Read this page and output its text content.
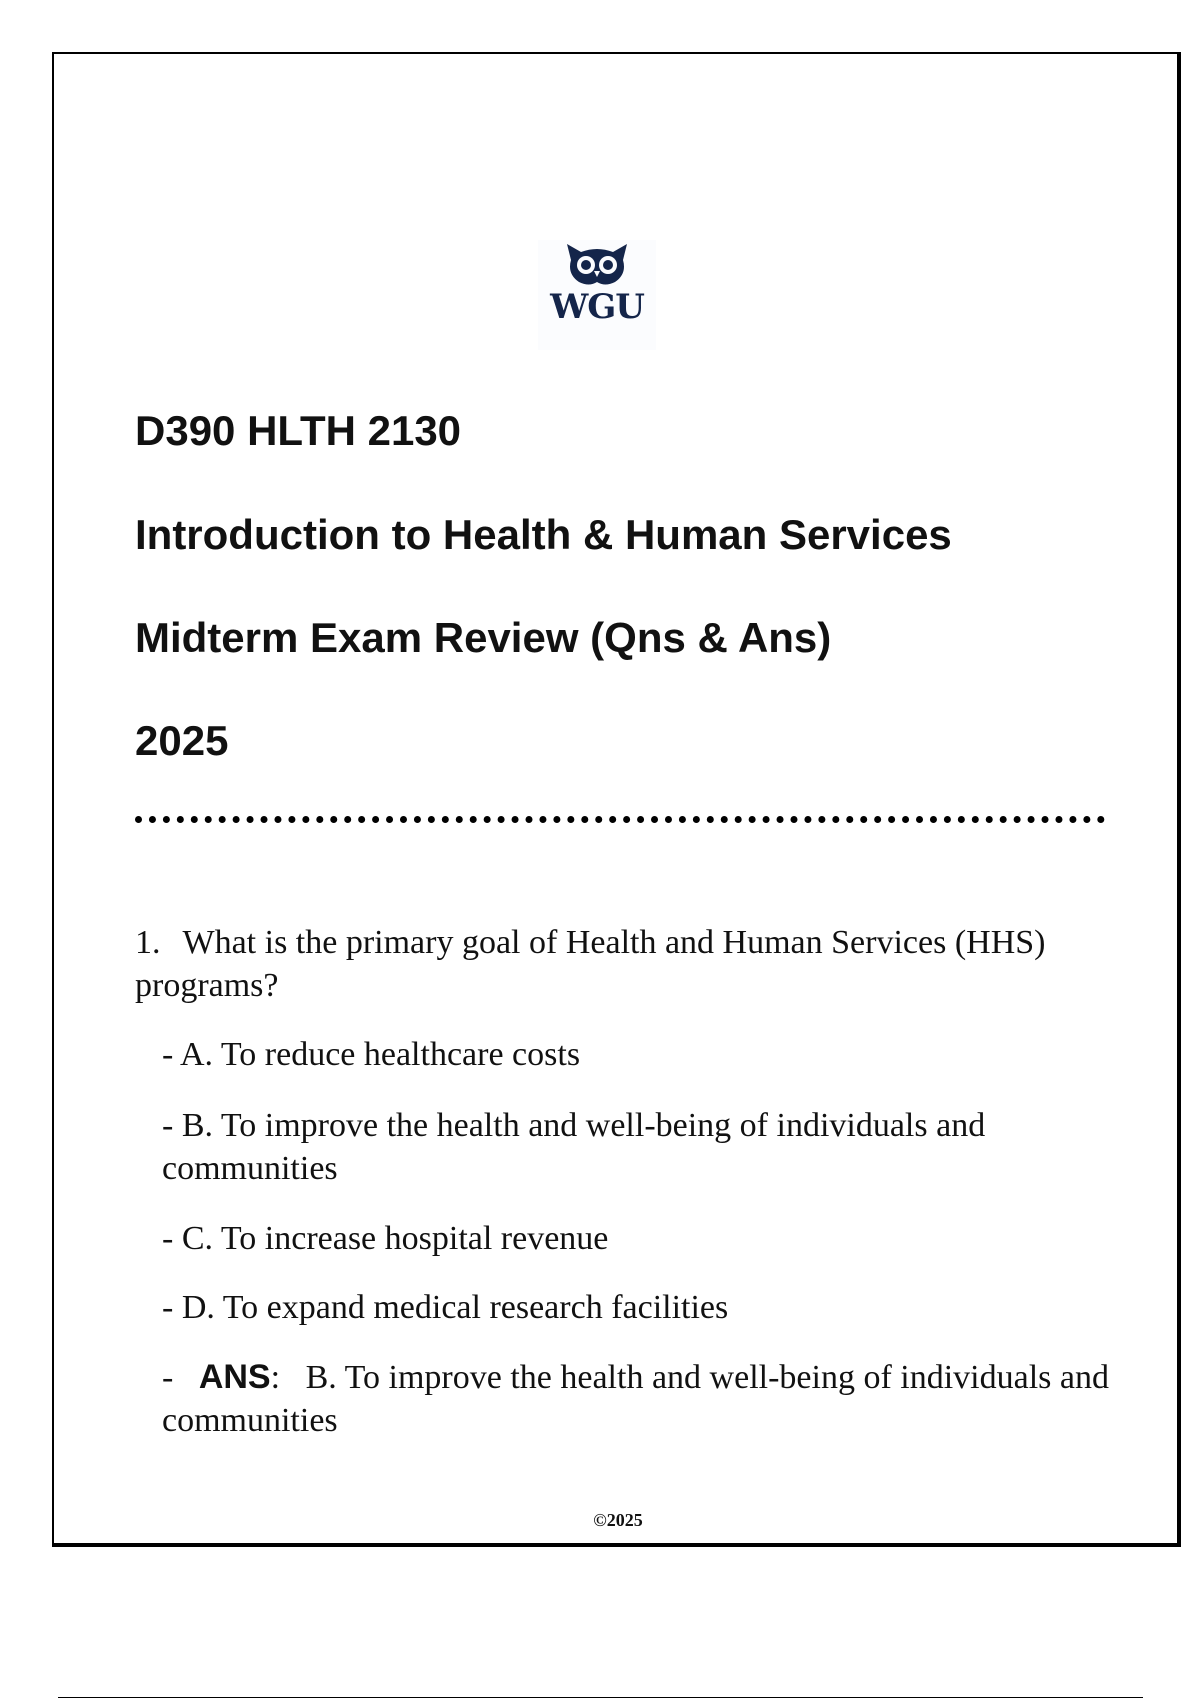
WGU
D390 HLTH 2130
Introduction to Health & Human Services
Midterm Exam Review (Qns & Ans)
2025
1. What is the primary goal of Health and Human Services (HHS) programs?
- A. To reduce healthcare costs
- B. To improve the health and well-being of individuals and communities
- C. To increase hospital revenue
- D. To expand medical research facilities
- ANS:   B. To improve the health and well-being of individuals and communities
©2025
